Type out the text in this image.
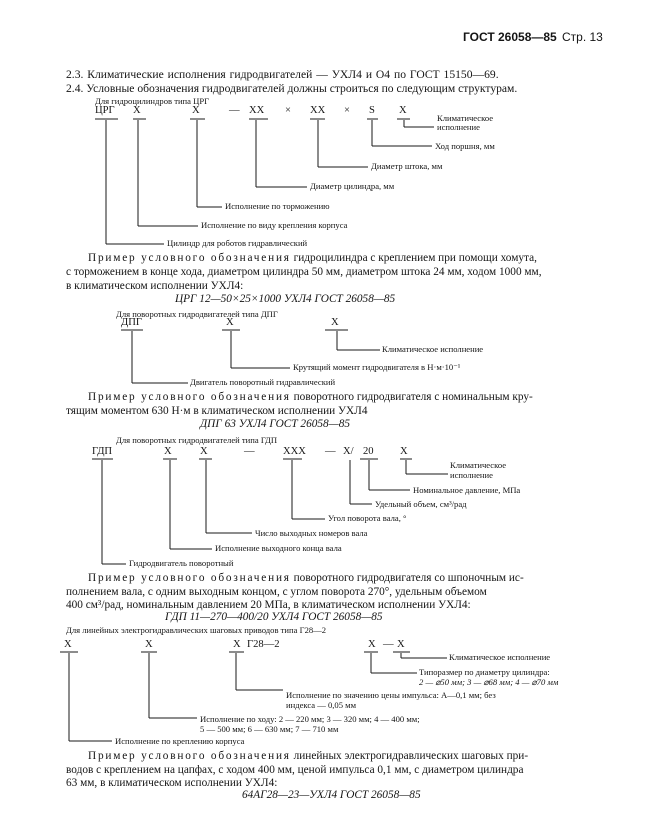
ГОСТ 26058—85 Стр. 13
2.3. Климатические исполнения гидродвигателей — УХЛ4 и О4 по ГОСТ 15150—69.
2.4. Условные обозначения гидродвигателей должны строиться по следующим структурам.
Для гидроцилиндров типа ЦРГ
ЦРГ X	X	— XX × XX × S X
Климатическое
исполнение
Ход поршня, мм
Диаметр штока, мм
Диаметр цилиндра, мм
Исполнение по торможению
Исполнение по виду крепления корпуса
Цилиндр для роботов гидравлический
Пример условного обозначения гидроцилиндра с креплением при помощи хомута,
с торможением в конце хода, диаметром цилиндра 50 мм, диаметром штока 24 мм, ходом 1000 мм,
в климатическом исполнении УХЛ4:
ЦРГ 12—50×25×1000 УХЛ4 ГОСТ 26058—85
Для поворотных гидродвигателей типа ДПГ
ДПГ	X	X
Климатическое исполнение
Крутящий момент гидродвигателя в Н·м·10⁻¹
Двигатель поворотный гидравлический
Пример условного обозначения поворотного гидродвигателя с номинальным кру-
тящим моментом 630 Н·м в климатическом исполнении УХЛ4
ДПГ 63 УХЛ4 ГОСТ 26058—85
Для поворотных гидродвигателей типа ГДП
ГДП	X	X	—	XXX — X/ 20 X
Климатическое
исполнение
Номинальное давление, МПа
Удельный объем, см³/рад
Угол поворота вала, °
Число выходных номеров вала
Исполнение выходного конца вала
Гидродвигатель поворотный
Пример условного обозначения поворотного гидродвигателя со шпоночным ис-
полнением вала, с одним выходным концом, с углом поворота 270°, удельным объемом
400 см³/рад, номинальным давлением 20 МПа, в климатическом исполнении УХЛ4:
ГДП 11—270—400/20 УХЛ4 ГОСТ 26058—85
Для линейных электрогидравлических шаговых приводов типа Г28—2
X	X	X Г28—2	X — X
Климатическое исполнение
Типоразмер по диаметру цилиндра:
2 — ⌀50 мм; 3 — ⌀68 мм; 4 — ⌀70 мм
Исполнение по значению цены импульса: А—0,1 мм; без
индекса — 0,05 мм
Исполнение по ходу: 2 — 220 мм; 3 — 320 мм; 4 — 400 мм;
5 — 500 мм; 6 — 630 мм; 7 — 710 мм
Исполнение по креплению корпуса
Пример условного обозначения линейных электрогидравлических шаговых при-
водов с креплением на цапфах, с ходом 400 мм, ценой импульса 0,1 мм, с диаметром цилиндра
63 мм, в климатическом исполнении УХЛ4:
64АГ28—23—УХЛ4 ГОСТ 26058—85
